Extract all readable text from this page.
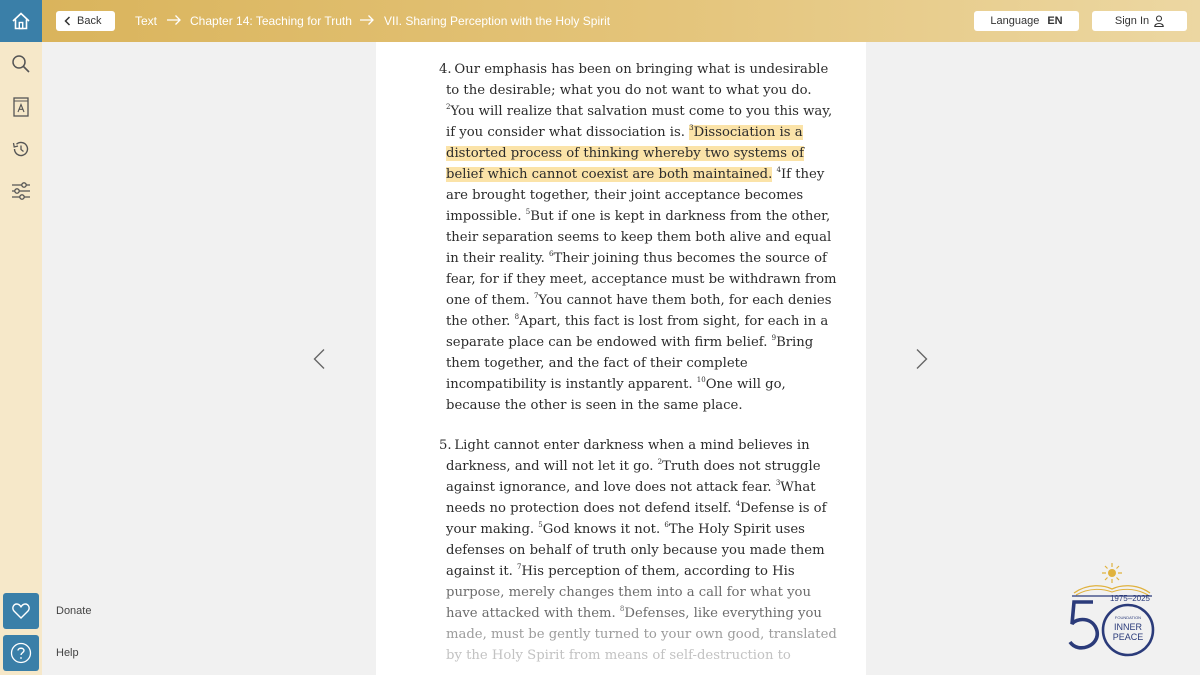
Back	Text	Chapter 14: Teaching for Truth	VII. Sharing Perception with the Holy Spirit	Language EN	Sign In
Donate
Help
4. Our emphasis has been on bringing what is undesirable
to the desirable; what you do not want to what you do.
$^2$You will realize that salvation must come to you this way,
if you consider what dissociation is. $^3$Dissociation is a
distorted process of thinking whereby two systems of
belief which cannot coexist are both maintained. $^4$If they
are brought together, their joint acceptance becomes
impossible. $^5$But if one is kept in darkness from the other,
their separation seems to keep them both alive and equal
in their reality. $^6$Their joining thus becomes the source of
fear, for if they meet, acceptance must be withdrawn from
one of them. $^7$You cannot have them both, for each denies
the other. $^8$Apart, this fact is lost from sight, for each in a
separate place can be endowed with firm belief. $^9$Bring
them together, and the fact of their complete
incompatibility is instantly apparent. $^{10}$One will go,
because the other is seen in the same place.
5. Light cannot enter darkness when a mind believes in
darkness, and will not let it go. $^2$Truth does not struggle
against ignorance, and love does not attack fear. $^3$What
needs no protection does not defend itself. $^4$Defense is of
your making. $^5$God knows it not. $^6$The Holy Spirit uses
defenses on behalf of truth only because you made them
against it. $^7$His perception of them, according to His
purpose, merely changes them into a call for what you
have attacked with them. $^8$Defenses, like everything you
made, must be gently turned to your own good, translated
by the Holy Spirit from means of self-destruction to
1975–2025
FOUNDATION
INNER
PEACE
